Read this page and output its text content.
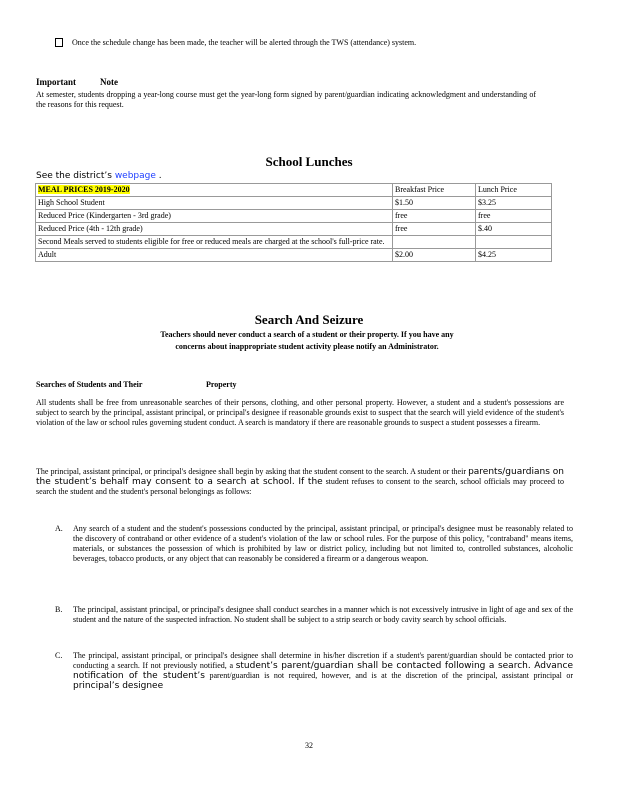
Once the schedule change has been made, the teacher will be alerted through the TWS (attendance) system.
Important	Note
At semester, students dropping a year-long course must get the year-long form signed by parent/guardian indicating acknowledgment and understanding of the reasons for this request.
School Lunches
See the district’s webpage .
MEAL PRICES 2019-2020	Breakfast Price	Lunch Price
High School Student	$1.50	$3.25
Reduced Price (Kindergarten - 3rd grade)	free	free
Reduced Price (4th - 12th grade)	free	$.40
Second Meals served to students eligible for free or reduced meals are charged at the school's full-price rate.		
Adult	$2.00	$4.25
Search And Seizure
Teachers should never conduct a search of a student or their property. If you have any
concerns about inappropriate student activity please notify an Administrator.
Searches of Students and Their	Property
All students shall be free from unreasonable searches of their persons, clothing, and other personal property. However, a student and a student's possessions are subject to search by the principal, assistant principal, or principal's designee if reasonable grounds exist to suspect that the search will yield evidence of the student's violation of the law or school rules governing student conduct. A search is mandatory if there are reasonable grounds to suspect a student possesses a firearm.
The principal, assistant principal, or principal's designee shall begin by asking that the student consent to the search. A student or their parents/guardians on the student’s behalf may consent to a search at school. If the student refuses to consent to the search, school officials may proceed to search the student and the student's personal belongings as follows:
A. Any search of a student and the student's possessions conducted by the principal, assistant principal, or principal's designee must be reasonably related to the discovery of contraband or other evidence of a student's violation of the law or school rules. For the purpose of this policy, "contraband" means items, materials, or substances the possession of which is prohibited by law or district policy, including but not limited to, controlled substances, alcoholic beverages, tobacco products, or any object that can reasonably be considered a firearm or a dangerous weapon.
B. The principal, assistant principal, or principal's designee shall conduct searches in a manner which is not excessively intrusive in light of age and sex of the student and the nature of the suspected infraction. No student shall be subject to a strip search or body cavity search by school officials.
C. The principal, assistant principal, or principal's designee shall determine in his/her discretion if a student's parent/guardian should be contacted prior to conducting a search. If not previously notified, a student’s parent/guardian shall be contacted following a search. Advance notification of the student’s parent/guardian is not required, however, and is at the discretion of the principal, assistant principal or principal’s designee
32
